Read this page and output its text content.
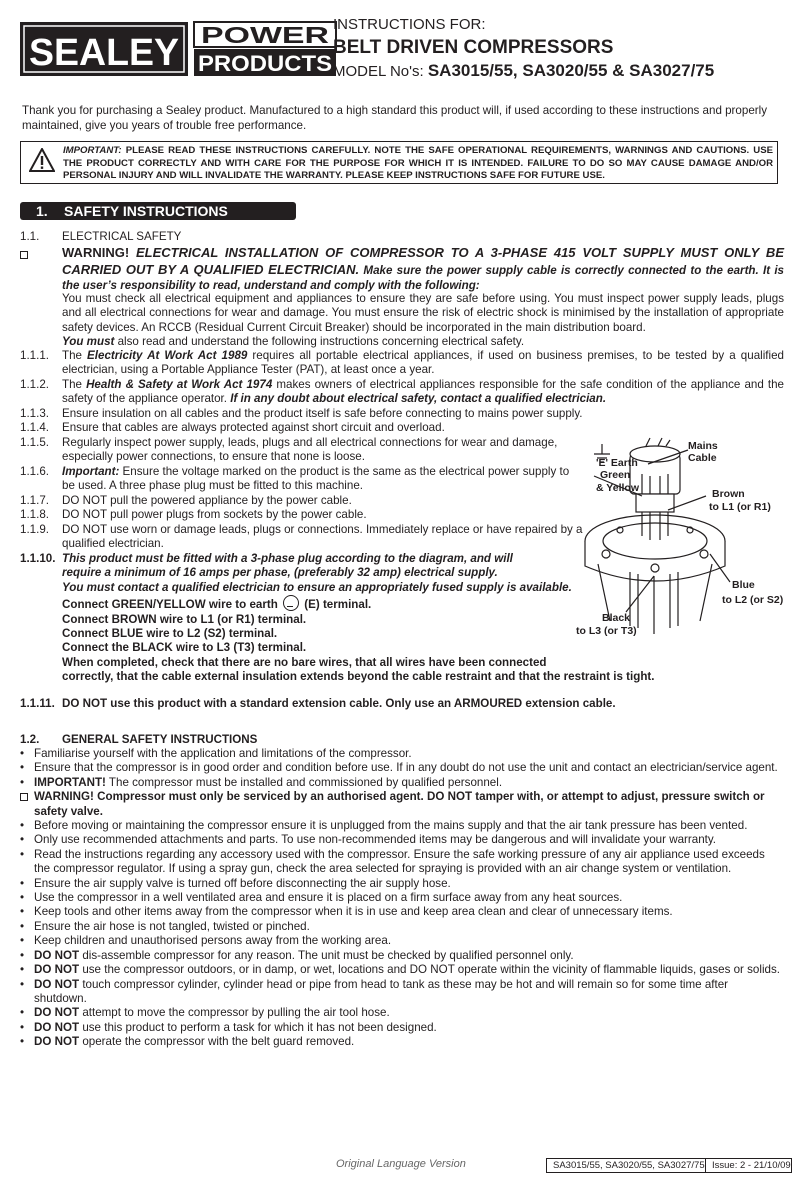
SEALEY POWER
PRODUCTS
INSTRUCTIONS FOR:
BELT DRIVEN COMPRESSORS
MODEL No's: SA3015/55, SA3020/55 & SA3027/75
Thank you for purchasing a Sealey product. Manufactured to a high standard this product will, if used according to these instructions and properly maintained, give you years of trouble free performance.
IMPORTANT: PLEASE READ THESE INSTRUCTIONS CAREFULLY. NOTE THE SAFE OPERATIONAL REQUIREMENTS, WARNINGS AND CAUTIONS. USE THE PRODUCT CORRECTLY AND WITH CARE FOR THE PURPOSE FOR WHICH IT IS INTENDED. FAILURE TO DO SO MAY CAUSE DAMAGE AND/OR PERSONAL INJURY AND WILL INVALIDATE THE WARRANTY. PLEASE KEEP INSTRUCTIONS SAFE FOR FUTURE USE.
1. SAFETY INSTRUCTIONS
1.1. ELECTRICAL SAFETY
WARNING! ELECTRICAL INSTALLATION OF COMPRESSOR TO A 3-PHASE 415 VOLT SUPPLY MUST ONLY BE CARRIED OUT BY A QUALIFIED ELECTRICIAN. Make sure the power supply cable is correctly connected to the earth. It is the user’s responsibility to read, understand and comply with the following:
You must check all electrical equipment and appliances to ensure they are safe before using. You must inspect power supply leads, plugs and all electrical connections for wear and damage. You must ensure the risk of electric shock is minimised by the installation of appropriate safety devices. An RCCB (Residual Current Circuit Breaker) should be incorporated in the main distribution board.
You must also read and understand the following instructions concerning electrical safety.
1.1.1. The Electricity At Work Act 1989 requires all portable electrical appliances, if used on business premises, to be tested by a qualified electrician, using a Portable Appliance Tester (PAT), at least once a year.
1.1.2. The Health & Safety at Work Act 1974 makes owners of electrical appliances responsible for the safe condition of the appliance and the safety of the appliance operator. If in any doubt about electrical safety, contact a qualified electrician.
1.1.3. Ensure insulation on all cables and the product itself is safe before connecting to mains power supply.
1.1.4. Ensure that cables are always protected against short circuit and overload.
1.1.5. Regularly inspect power supply, leads, plugs and all electrical connections for wear and damage, especially power connections, to ensure that none is loose.
1.1.6. Important: Ensure the voltage marked on the product is the same as the electrical power supply to be used. A three phase plug must be fitted to this machine.
1.1.7. DO NOT pull the powered appliance by the power cable.
1.1.8. DO NOT pull power plugs from sockets by the power cable.
1.1.9. DO NOT use worn or damage leads, plugs or connections. Immediately replace or have repaired by a qualified electrician.
1.1.10. This product must be fitted with a 3-phase plug according to the diagram, and will
require a minimum of 16 amps per phase, (preferably 32 amp) electrical supply.
You must contact a qualified electrician to ensure an appropriately fused supply is available.
Connect GREEN/YELLOW wire to earth (E) terminal.
Connect BROWN wire to L1 (or R1) terminal.
Connect BLUE wire to L2 (S2) terminal.
Connect the BLACK wire to L3 (T3) terminal.
When completed, check that there are no bare wires, that all wires have been connected
correctly, that the cable external insulation extends beyond the cable restraint and that the restraint is tight.
1.1.11. DO NOT use this product with a standard extension cable. Only use an ARMOURED extension cable.
Mains
Cable
'E' Earth
Green
& Yellow	Brown
to L1 (or R1)
Blue
to L2 (or S2)
Black
to L3 (or T3)
1.2. GENERAL SAFETY INSTRUCTIONS
• Familiarise yourself with the application and limitations of the compressor.
• Ensure that the compressor is in good order and condition before use. If in any doubt do not use the unit and contact an electrician/service agent.
• IMPORTANT! The compressor must be installed and commissioned by qualified personnel.
WARNING! Compressor must only be serviced by an authorised agent. DO NOT tamper with, or attempt to adjust, pressure switch or safety valve.
• Before moving or maintaining the compressor ensure it is unplugged from the mains supply and that the air tank pressure has been vented.
• Only use recommended attachments and parts. To use non-recommended items may be dangerous and will invalidate your warranty.
• Read the instructions regarding any accessory used with the compressor. Ensure the safe working pressure of any air appliance used exceeds the compressor regulator. If using a spray gun, check the area selected for spraying is provided with an air change system or ventilation.
• Ensure the air supply valve is turned off before disconnecting the air supply hose.
• Use the compressor in a well ventilated area and ensure it is placed on a firm surface away from any heat sources.
• Keep tools and other items away from the compressor when it is in use and keep area clean and clear of unnecessary items.
• Ensure the air hose is not tangled, twisted or pinched.
• Keep children and unauthorised persons away from the working area.
• DO NOT dis-assemble compressor for any reason. The unit must be checked by qualified personnel only.
• DO NOT use the compressor outdoors, or in damp, or wet, locations and DO NOT operate within the vicinity of flammable liquids, gases or solids.
• DO NOT touch compressor cylinder, cylinder head or pipe from head to tank as these may be hot and will remain so for some time after shutdown.
• DO NOT attempt to move the compressor by pulling the air tool hose.
• DO NOT use this product to perform a task for which it has not been designed.
• DO NOT operate the compressor with the belt guard removed.
Original Language Version	SA3015/55, SA3020/55, SA3027/75 Issue: 2 - 21/10/09
